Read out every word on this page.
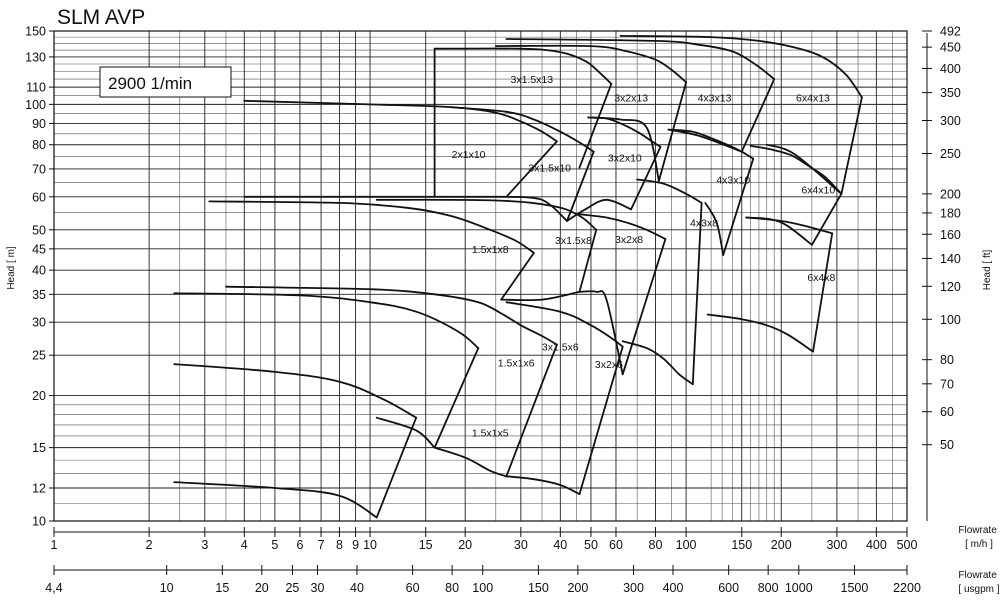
1.5x1x5
1.5x1x6
3x1.5x6
3x2x6
1.5x1x8
3x1.5x8 3x2x8
4x3x8
6x4x8
2x1x10
3x1.5x10
3x2x10
4x3x10
6x4x10
3x1.5x13
3x2x13	4x3x13	6x4x13
10
12
15
20
25
30
35
40
45
50
60
70
80
90
100
110
130
150
50
60
70
80
100
120
140
160
180
200
250
300
350
400
450
492
1	2	3	4 5 6 7 8 9 10	15 20	30 40 50 60 80 100	150 200	300 400 500
4,4	10	15 20 25 30 40	60 80 100	150 200	300 400	600 800 1000 1500 2200
SLM AVP
2900 1/min
Head [ m]	Head [ ft]
Flowrate [ m/h ]
Flowrate [ usgpm ]
